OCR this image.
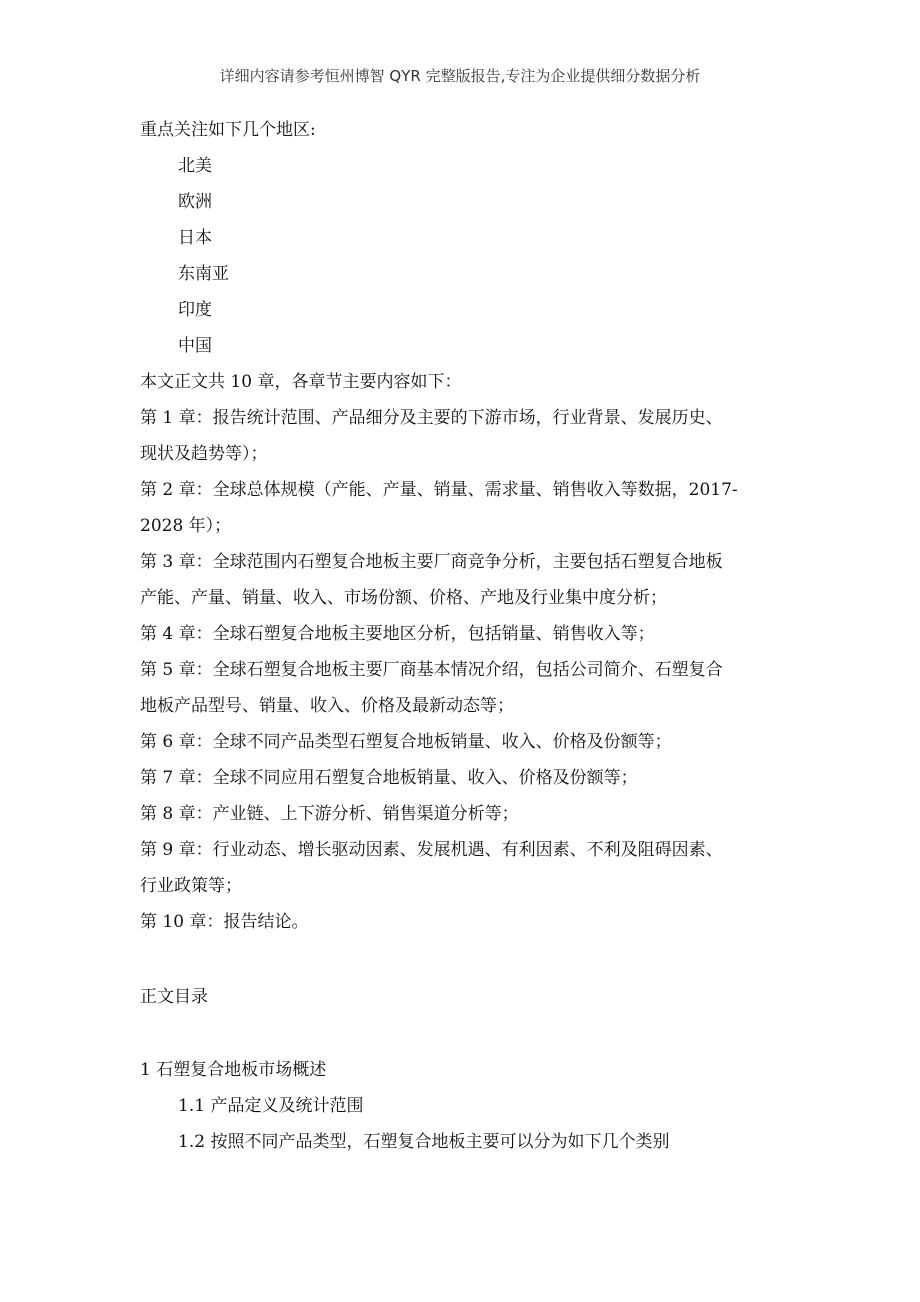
详细内容请参考恒州博智 QYR 完整版报告,专注为企业提供细分数据分析
重点关注如下几个地区:
北美
欧洲
日本
东南亚
印度
中国
本文正文共 10 章，各章节主要内容如下：
第 1 章：报告统计范围、产品细分及主要的下游市场，行业背景、发展历史、
现状及趋势等）；
第 2 章：全球总体规模（产能、产量、销量、需求量、销售收入等数据，2017-
2028 年）；
第 3 章：全球范围内石塑复合地板主要厂商竞争分析，主要包括石塑复合地板
产能、产量、销量、收入、市场份额、价格、产地及行业集中度分析；
第 4 章：全球石塑复合地板主要地区分析，包括销量、销售收入等；
第 5 章：全球石塑复合地板主要厂商基本情况介绍，包括公司简介、石塑复合
地板产品型号、销量、收入、价格及最新动态等；
第 6 章：全球不同产品类型石塑复合地板销量、收入、价格及份额等；
第 7 章：全球不同应用石塑复合地板销量、收入、价格及份额等；
第 8 章：产业链、上下游分析、销售渠道分析等；
第 9 章：行业动态、增长驱动因素、发展机遇、有利因素、不利及阻碍因素、
行业政策等；
第 10 章：报告结论。
正文目录
1 石塑复合地板市场概述
1.1 产品定义及统计范围
1.2 按照不同产品类型，石塑复合地板主要可以分为如下几个类别
